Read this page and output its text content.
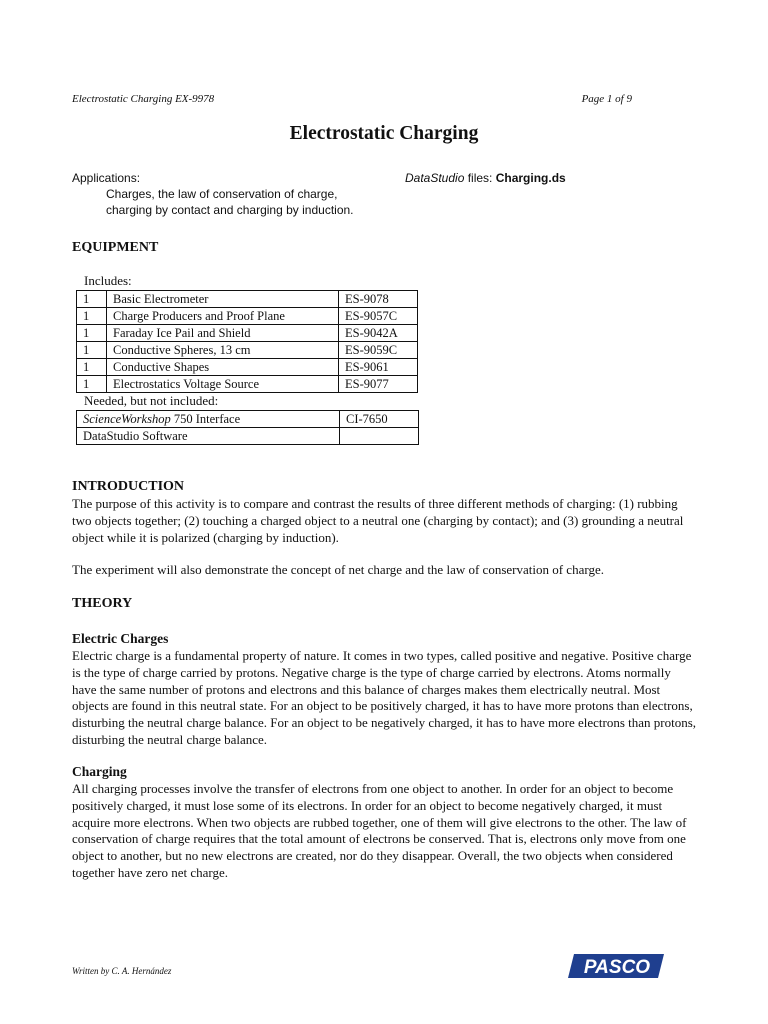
Electrostatic Charging EX-9978	Page 1 of 9
Electrostatic Charging
Applications:
Charges, the law of conservation of charge,
charging by contact and charging by induction.
DataStudio files: Charging.ds
EQUIPMENT
Includes:
1	Basic Electrometer	ES-9078
1	Charge Producers and Proof Plane	ES-9057C
1	Faraday Ice Pail and Shield	ES-9042A
1	Conductive Spheres, 13 cm	ES-9059C
1	Conductive Shapes	ES-9061
1	Electrostatics Voltage Source	ES-9077
Needed, but not included:
ScienceWorkshop 750 Interface	CI-7650
DataStudio Software	
INTRODUCTION
The purpose of this activity is to compare and contrast the results of three different methods of charging: (1) rubbing two objects together; (2) touching a charged object to a neutral one (charging by contact); and (3) grounding a neutral object while it is polarized (charging by induction).
The experiment will also demonstrate the concept of net charge and the law of conservation of charge.
THEORY
Electric Charges
Electric charge is a fundamental property of nature. It comes in two types, called positive and negative. Positive charge is the type of charge carried by protons. Negative charge is the type of charge carried by electrons. Atoms normally have the same number of protons and electrons and this balance of charges makes them electrically neutral. Most objects are found in this neutral state. For an object to be positively charged, it has to have more protons than electrons, disturbing the neutral charge balance. For an object to be negatively charged, it has to have more electrons than protons, disturbing the neutral charge balance.
Charging
All charging processes involve the transfer of electrons from one object to another. In order for an object to become positively charged, it must lose some of its electrons. In order for an object to become negatively charged, it must acquire more electrons. When two objects are rubbed together, one of them will give electrons to the other. The law of conservation of charge requires that the total amount of electrons be conserved. That is, electrons only move from one object to another, but no new electrons are created, nor do they disappear. Overall, the two objects when considered together have zero net charge.
Written by C. A. Hernández	PASCO
